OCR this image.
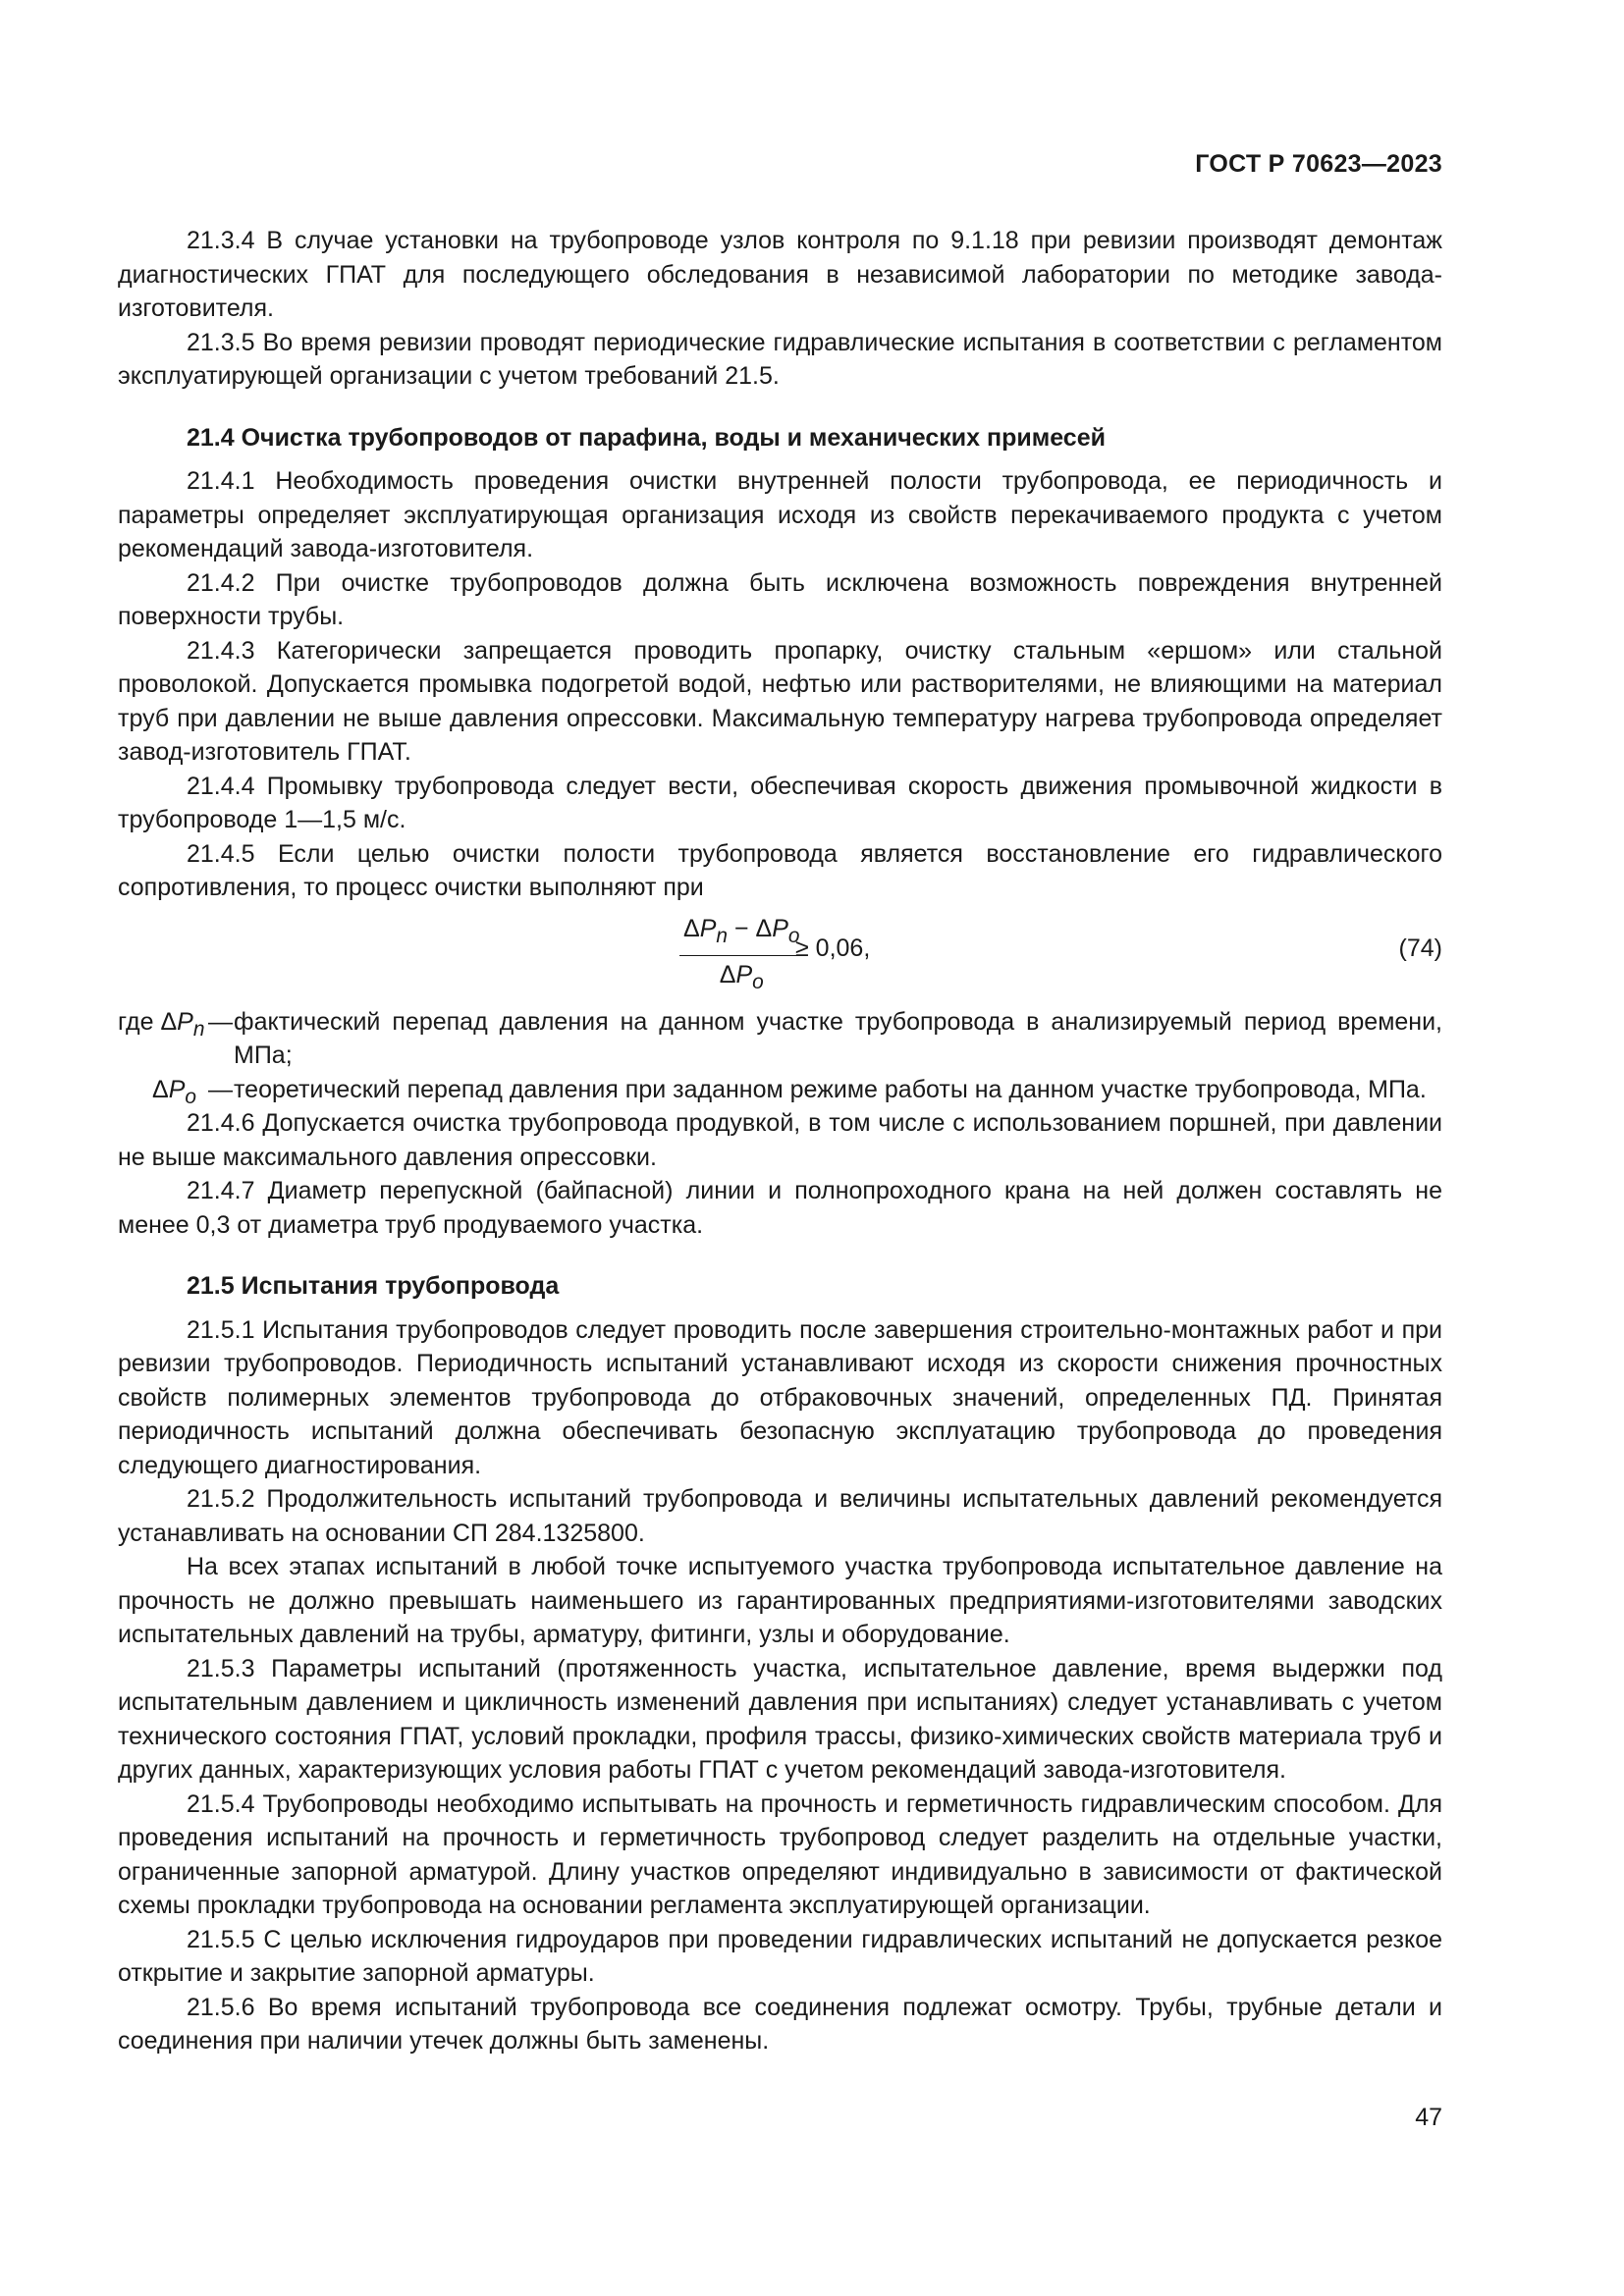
ГОСТ Р 70623—2023

21.3.4 В случае установки на трубопроводе узлов контроля по 9.1.18 при ревизии производят демонтаж диагностических ГПАТ для последующего обследования в независимой лаборатории по методике завода-изготовителя.

21.3.5 Во время ревизии проводят периодические гидравлические испытания в соответствии с регламентом эксплуатирующей организации с учетом требований 21.5.

21.4 Очистка трубопроводов от парафина, воды и механических примесей

21.4.1 Необходимость проведения очистки внутренней полости трубопровода, ее периодичность и параметры определяет эксплуатирующая организация исходя из свойств перекачиваемого продукта с учетом рекомендаций завода-изготовителя.

21.4.2 При очистке трубопроводов должна быть исключена возможность повреждения внутренней поверхности трубы.

21.4.3 Категорически запрещается проводить пропарку, очистку стальным «ершом» или стальной проволокой. Допускается промывка подогретой водой, нефтью или растворителями, не влияющими на материал труб при давлении не выше давления опрессовки. Максимальную температуру нагрева трубопровода определяет завод-изготовитель ГПАТ.

21.4.4 Промывку трубопровода следует вести, обеспечивая скорость движения промывочной жидкости в трубопроводе 1—1,5 м/с.

21.4.5 Если целью очистки полости трубопровода является восстановление его гидравлического сопротивления, то процесс очистки выполняют при

$\Delta P_n - \Delta P_o$
$\Delta P_o$
≥ 0,06,	(74)
где $\Delta P_n$ — фактический перепад давления на данном участке трубопровода в анализируемый период времени, МПа;
$\Delta P_o$ — теоретический перепад давления при заданном режиме работы на данном участке трубопровода, МПа.

21.4.6 Допускается очистка трубопровода продувкой, в том числе с использованием поршней, при давлении не выше максимального давления опрессовки.

21.4.7 Диаметр перепускной (байпасной) линии и полнопроходного крана на ней должен составлять не менее 0,3 от диаметра труб продуваемого участка.

21.5 Испытания трубопровода

21.5.1 Испытания трубопроводов следует проводить после завершения строительно-монтажных работ и при ревизии трубопроводов. Периодичность испытаний устанавливают исходя из скорости снижения прочностных свойств полимерных элементов трубопровода до отбраковочных значений, определенных ПД. Принятая периодичность испытаний должна обеспечивать безопасную эксплуатацию трубопровода до проведения следующего диагностирования.

21.5.2 Продолжительность испытаний трубопровода и величины испытательных давлений рекомендуется устанавливать на основании СП 284.1325800.

На всех этапах испытаний в любой точке испытуемого участка трубопровода испытательное давление на прочность не должно превышать наименьшего из гарантированных предприятиями-изготовителями заводских испытательных давлений на трубы, арматуру, фитинги, узлы и оборудование.

21.5.3 Параметры испытаний (протяженность участка, испытательное давление, время выдержки под испытательным давлением и цикличность изменений давления при испытаниях) следует устанавливать с учетом технического состояния ГПАТ, условий прокладки, профиля трассы, физико-химических свойств материала труб и других данных, характеризующих условия работы ГПАТ с учетом рекомендаций завода-изготовителя.

21.5.4 Трубопроводы необходимо испытывать на прочность и герметичность гидравлическим способом. Для проведения испытаний на прочность и герметичность трубопровод следует разделить на отдельные участки, ограниченные запорной арматурой. Длину участков определяют индивидуально в зависимости от фактической схемы прокладки трубопровода на основании регламента эксплуатирующей организации.

21.5.5 С целью исключения гидроударов при проведении гидравлических испытаний не допускается резкое открытие и закрытие запорной арматуры.

21.5.6 Во время испытаний трубопровода все соединения подлежат осмотру. Трубы, трубные детали и соединения при наличии утечек должны быть заменены.

47
